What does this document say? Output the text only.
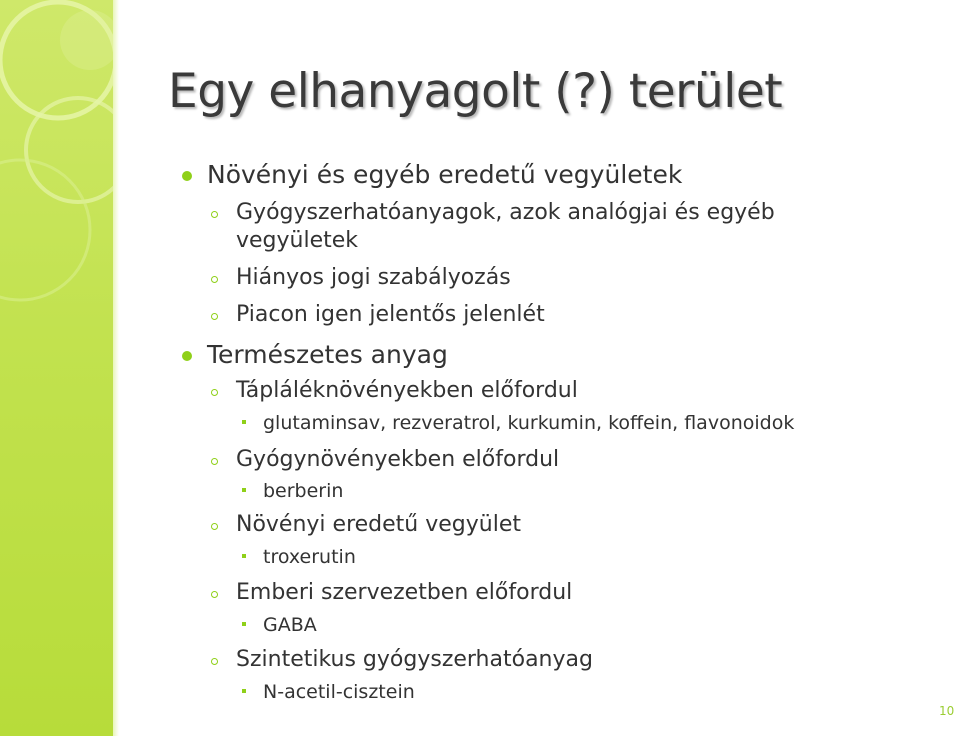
Egy elhanyagolt (?) terület
Növényi és egyéb eredetű vegyületek
Gyógyszerhatóanyagok, azok analógjai és egyéb
vegyületek
Hiányos jogi szabályozás
Piacon igen jelentős jelenlét
Természetes anyag
Tápláléknövényekben előfordul
glutaminsav, rezveratrol, kurkumin, koffein, flavonoidok
Gyógynövényekben előfordul
berberin
Növényi eredetű vegyület
troxerutin
Emberi szervezetben előfordul
GABA
Szintetikus gyógyszerhatóanyag
N-acetil-cisztein
10
